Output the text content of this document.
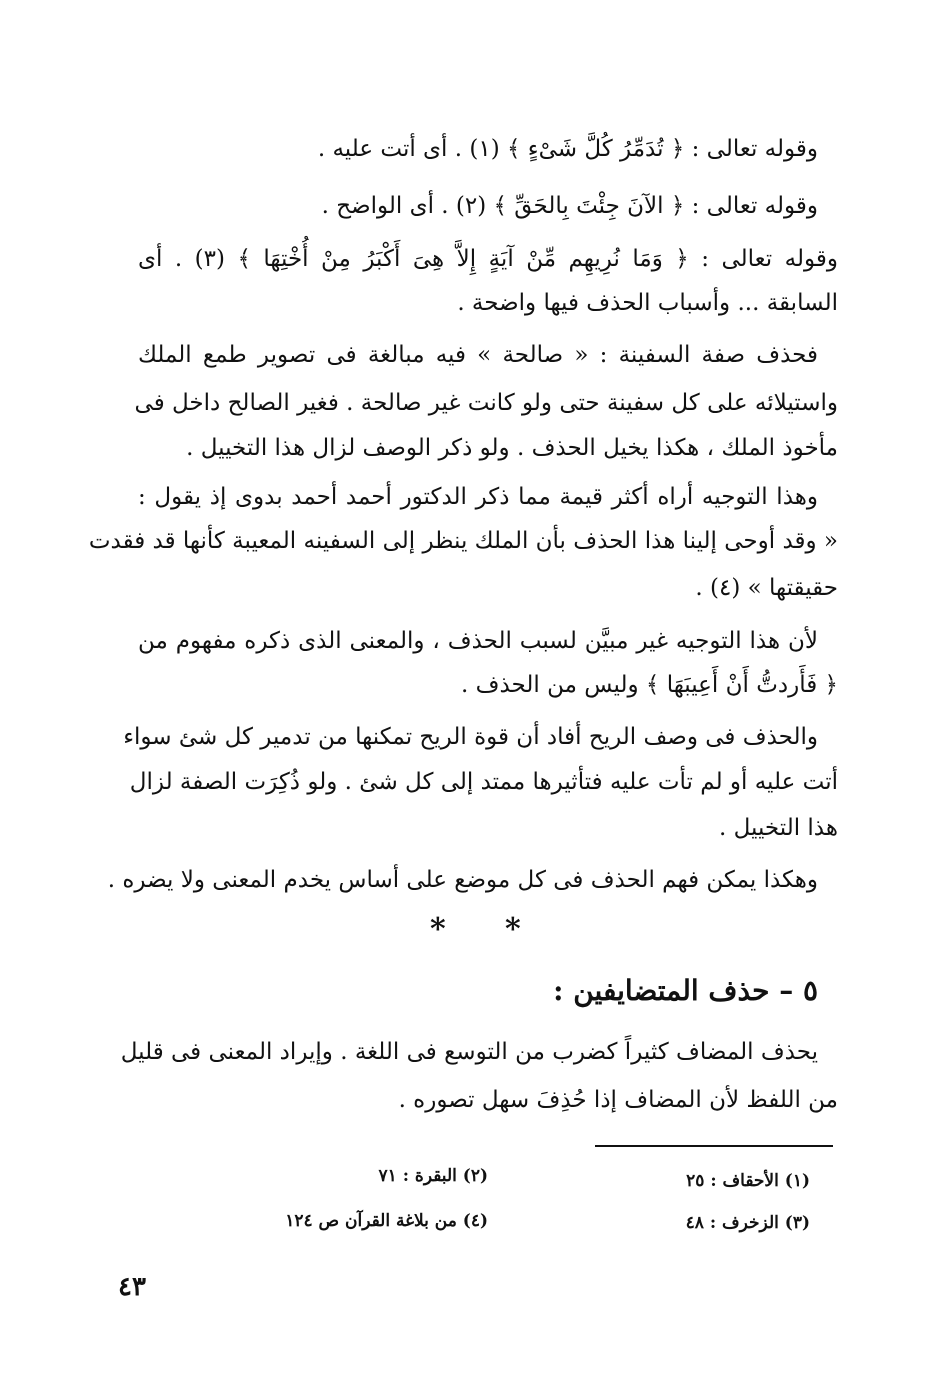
وقوله تعالى : ﴿ تُدَمِّرُ كُلَّ شَىْءٍ ﴾ (١) . أى أتت عليه .
وقوله تعالى : ﴿ الآنَ جِئْتَ بِالحَقِّ ﴾ (٢) . أى الواضح .
وقوله تعالى : ﴿ وَمَا نُرِيهِم مِّنْ آيَةٍ إِلاَّ هِىَ أَكْبَرُ مِنْ أُخْتِهَا ﴾ (٣) . أى
السابقة ... وأسباب الحذف فيها واضحة .
فحذف صفة السفينة : « صالحة » فيه مبالغة فى تصوير طمع الملك
واستيلائه على كل سفينة حتى ولو كانت غير صالحة . فغير الصالح داخل فى
مأخوذ الملك ، هكذا يخيل الحذف . ولو ذكر الوصف لزال هذا التخييل .
وهذا التوجيه أراه أكثر قيمة مما ذكر الدكتور أحمد أحمد بدوى إذ يقول :
« وقد أوحى إلينا هذا الحذف بأن الملك ينظر إلى السفينه المعيبة كأنها قد فقدت
حقيقتها » (٤) .
لأن هذا التوجيه غير مبيَّن لسبب الحذف ، والمعنى الذى ذكره مفهوم من
﴿ فَأَردتُّ أَنْ أَعِيبَهَا ﴾ وليس من الحذف .
والحذف فى وصف الريح أفاد أن قوة الريح تمكنها من تدمير كل شئ سواء
أتت عليه أو لم تأت عليه فتأثيرها ممتد إلى كل شئ . ولو ذُكِرَت الصفة لزال
هذا التخييل .
وهكذا يمكن فهم الحذف فى كل موضع على أساس يخدم المعنى ولا يضره .
* *
٥ – حذف المتضايفين :
يحذف المضاف كثيراً كضرب من التوسع فى اللغة . وإيراد المعنى فى قليل
من اللفظ لأن المضاف إذا حُذِفَ سهل تصوره .
(١) الأحقاف : ٢٥
(٢) البقرة : ٧١
(٣) الزخرف : ٤٨
(٤) من بلاغة القرآن ص ١٢٤
٤٣
